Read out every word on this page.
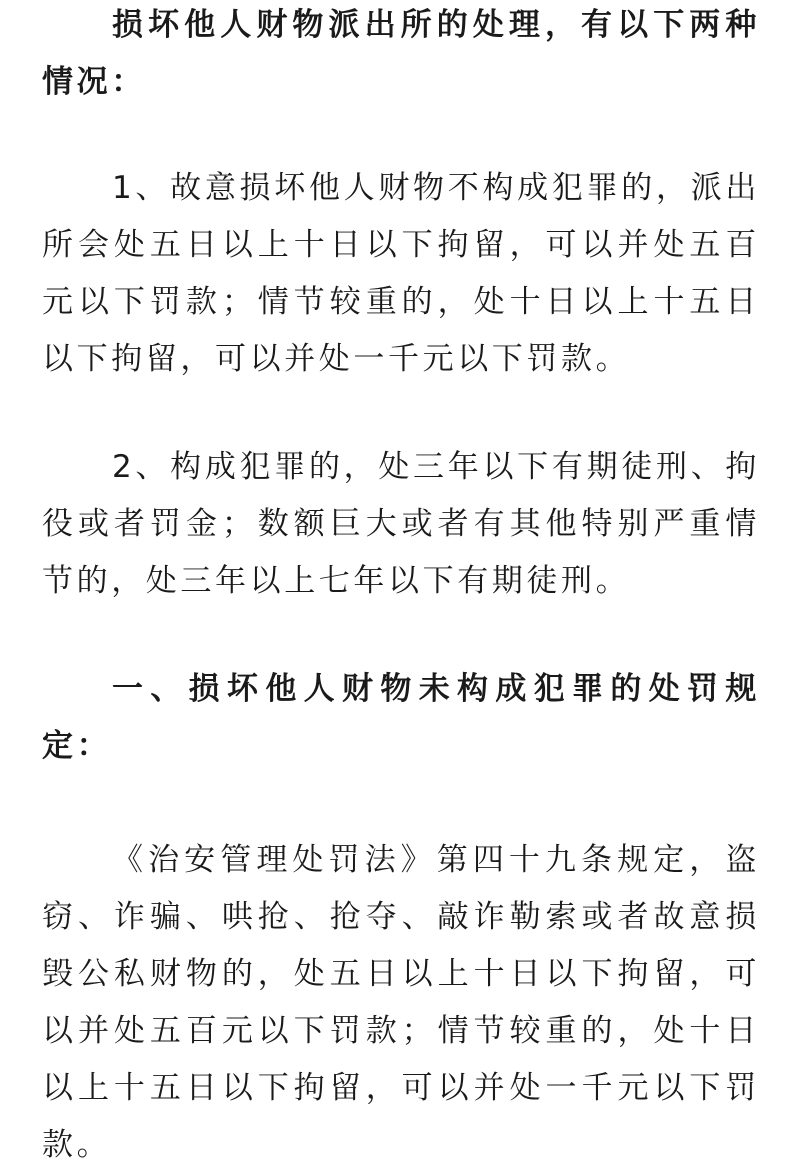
损坏他人财物派出所的处理，有以下两种情况：

1、故意损坏他人财物不构成犯罪的，派出所会处五日以上十日以下拘留，可以并处五百元以下罚款；情节较重的，处十日以上十五日以下拘留，可以并处一千元以下罚款。

2、构成犯罪的，处三年以下有期徒刑、拘役或者罚金；数额巨大或者有其他特别严重情节的，处三年以上七年以下有期徒刑。

一、损坏他人财物未构成犯罪的处罚规定：

《治安管理处罚法》第四十九条规定，盗窃、诈骗、哄抢、抢夺、敲诈勒索或者故意损毁公私财物的，处五日以上十日以下拘留，可以并处五百元以下罚款；情节较重的，处十日以上十五日以下拘留，可以并处一千元以下罚款。
